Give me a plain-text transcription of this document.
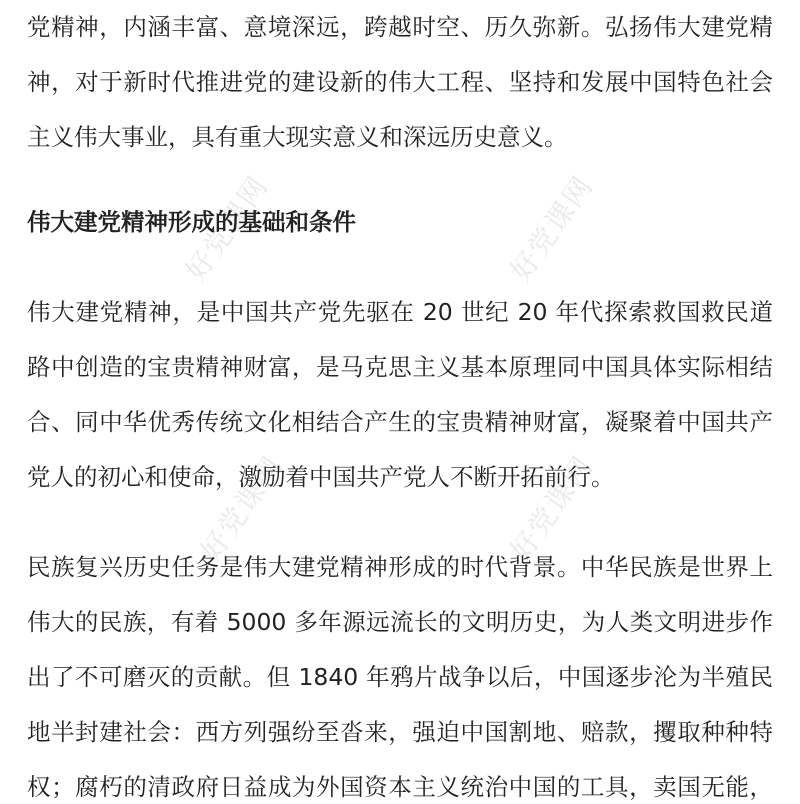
好党课网	好党课网
好党课网	好党课网
党精神，内涵丰富、意境深远，跨越时空、历久弥新。弘扬伟大建党精
神，对于新时代推进党的建设新的伟大工程、坚持和发展中国特色社会
主义伟大事业，具有重大现实意义和深远历史意义。
伟大建党精神形成的基础和条件
伟大建党精神，是中国共产党先驱在 20 世纪 20 年代探索救国救民道
路中创造的宝贵精神财富，是马克思主义基本原理同中国具体实际相结
合、同中华优秀传统文化相结合产生的宝贵精神财富，凝聚着中国共产
党人的初心和使命，激励着中国共产党人不断开拓前行。
民族复兴历史任务是伟大建党精神形成的时代背景。中华民族是世界上
伟大的民族，有着 5000 多年源远流长的文明历史，为人类文明进步作
出了不可磨灭的贡献。但 1840 年鸦片战争以后，中国逐步沦为半殖民
地半封建社会：西方列强纷至沓来，强迫中国割地、赔款，攫取种种特
权；腐朽的清政府日益成为外国资本主义统治中国的工具，卖国无能，
